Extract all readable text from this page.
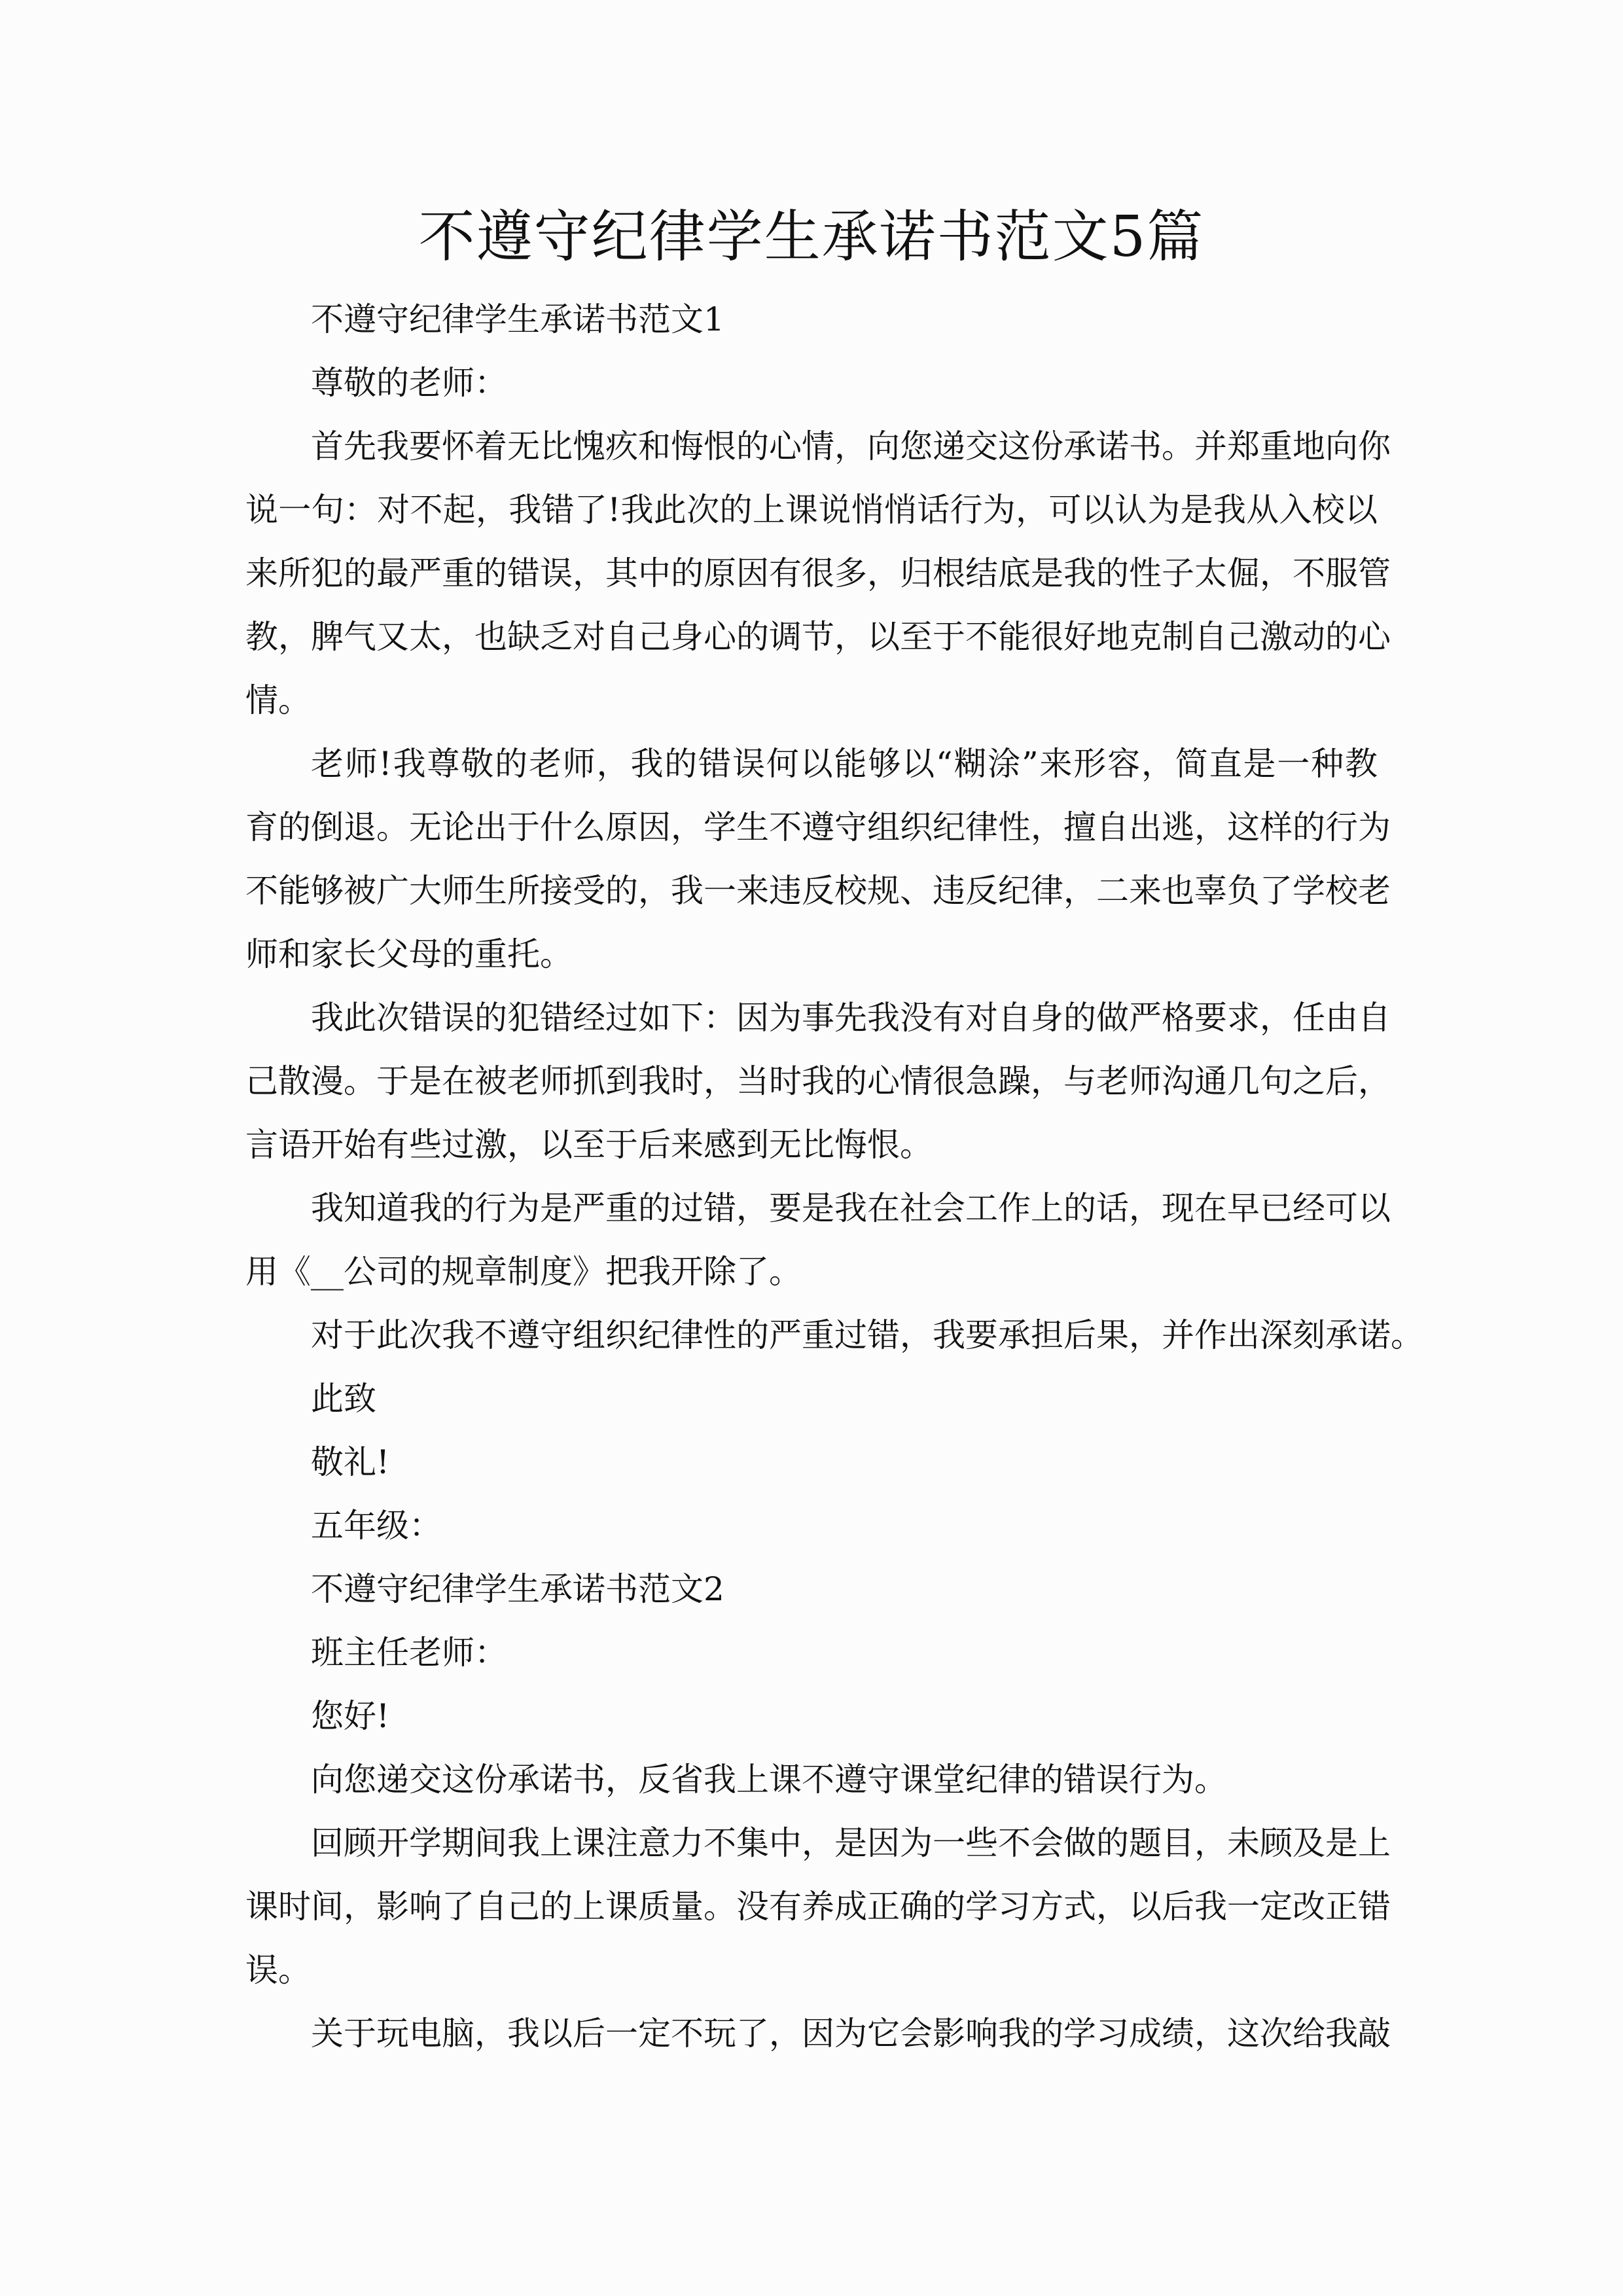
不遵守纪律学生承诺书范文5篇
不遵守纪律学生承诺书范文1
尊敬的老师：
首先我要怀着无比愧疚和悔恨的心情，向您递交这份承诺书。并郑重地向你
说一句：对不起，我错了!我此次的上课说悄悄话行为，可以认为是我从入校以
来所犯的最严重的错误，其中的原因有很多，归根结底是我的性子太倔，不服管
教，脾气又太，也缺乏对自己身心的调节，以至于不能很好地克制自己激动的心
情。
老师!我尊敬的老师，我的错误何以能够以“糊涂”来形容，简直是一种教
育的倒退。无论出于什么原因，学生不遵守组织纪律性，擅自出逃，这样的行为
不能够被广大师生所接受的，我一来违反校规、违反纪律，二来也辜负了学校老
师和家长父母的重托。
我此次错误的犯错经过如下：因为事先我没有对自身的做严格要求，任由自
己散漫。于是在被老师抓到我时，当时我的心情很急躁，与老师沟通几句之后，
言语开始有些过激，以至于后来感到无比悔恨。
我知道我的行为是严重的过错，要是我在社会工作上的话，现在早已经可以
用《__公司的规章制度》把我开除了。
对于此次我不遵守组织纪律性的严重过错，我要承担后果，并作出深刻承诺。
此致
敬礼!
五年级：
不遵守纪律学生承诺书范文2
班主任老师：
您好!
向您递交这份承诺书，反省我上课不遵守课堂纪律的错误行为。
回顾开学期间我上课注意力不集中，是因为一些不会做的题目，未顾及是上
课时间，影响了自己的上课质量。没有养成正确的学习方式，以后我一定改正错
误。
关于玩电脑，我以后一定不玩了，因为它会影响我的学习成绩，这次给我敲
